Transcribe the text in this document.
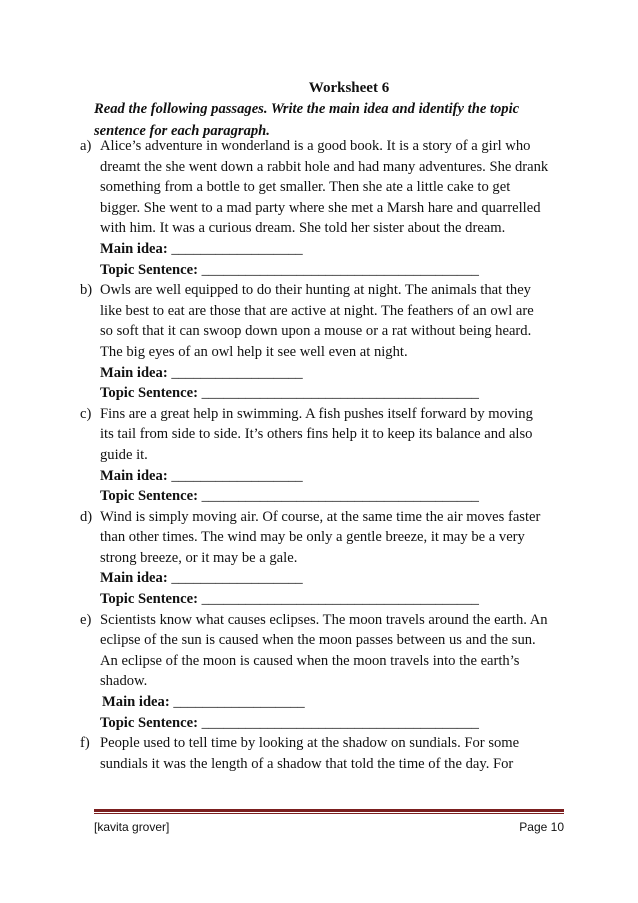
Worksheet 6
Read the following passages. Write the main idea and identify the topic sentence for each paragraph.
a) Alice’s adventure in wonderland is a good book. It is a story of a girl who dreamt the she went down a rabbit hole and had many adventures. She drank something from a bottle to get smaller. Then she ate a little cake to get bigger. She went to a mad party where she met a Marsh hare and quarrelled with him. It was a curious dream. She told her sister about the dream.
Main idea: __________________
Topic Sentence: ______________________________________
b) Owls are well equipped to do their hunting at night. The animals that they like best to eat are those that are active at night. The feathers of an owl are so soft that it can swoop down upon a mouse or a rat without being heard. The big eyes of an owl help it see well even at night.
Main idea: __________________
Topic Sentence: ______________________________________
c) Fins are a great help in swimming. A fish pushes itself forward by moving its tail from side to side. It’s others fins help it to keep its balance and also guide it.
Main idea: __________________
Topic Sentence: ______________________________________
d) Wind is simply moving air. Of course, at the same time the air moves faster than other times. The wind may be only a gentle breeze, it may be a very strong breeze, or it may be a gale.
Main idea: __________________
Topic Sentence: ______________________________________
e) Scientists know what causes eclipses. The moon travels around the earth. An eclipse of the sun is caused when the moon passes between us and the sun. An eclipse of the moon is caused when the moon travels into the earth’s shadow.
Main idea: __________________
Topic Sentence: ______________________________________
f) People used to tell time by looking at the shadow on sundials. For some sundials it was the length of a shadow that told the time of the day. For
[kavita grover]	Page 10
